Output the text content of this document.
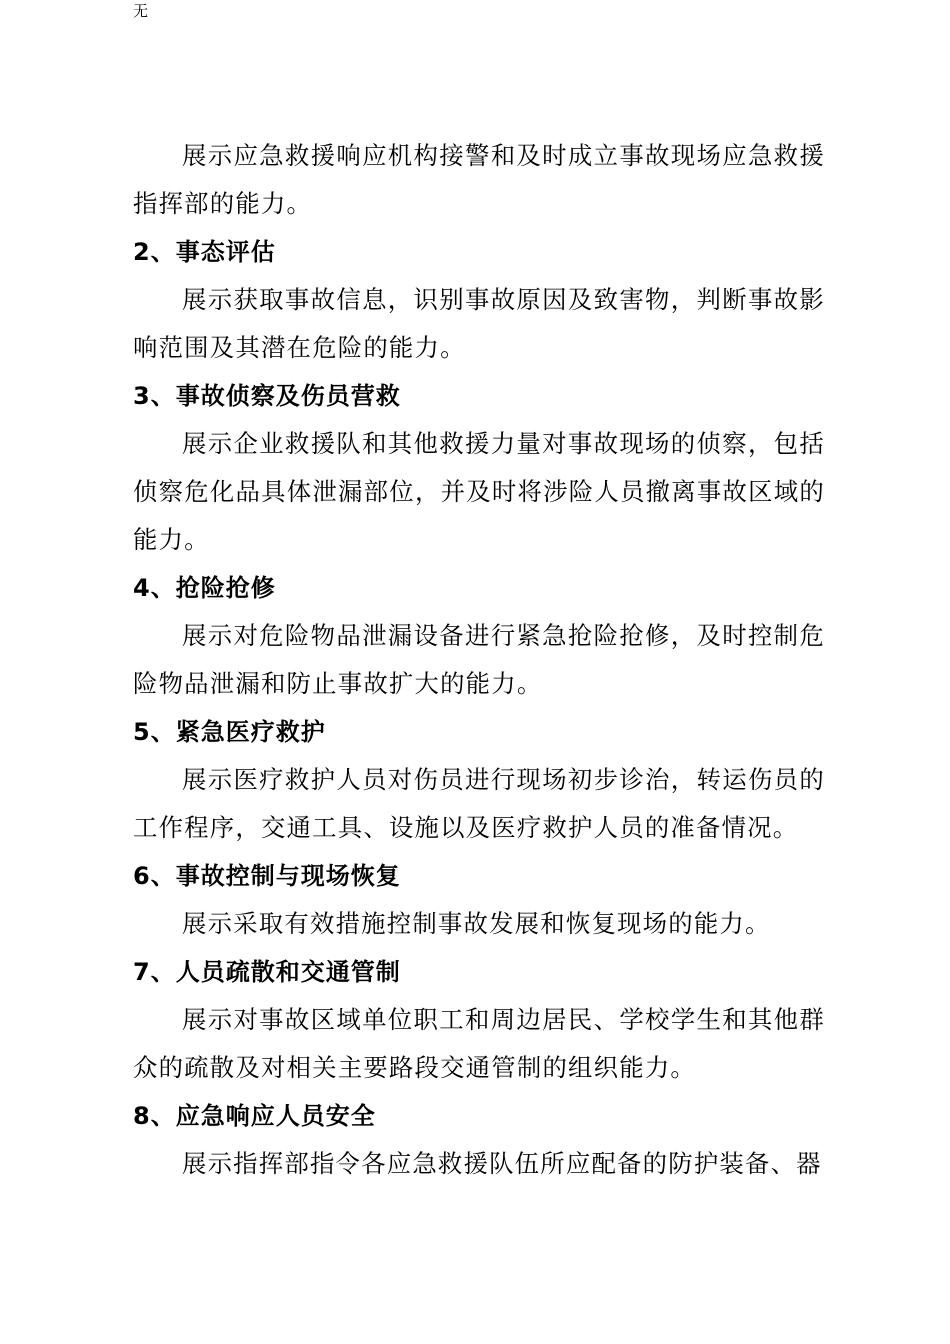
无

展示应急救援响应机构接警和及时成立事故现场应急救援指挥部的能力。

2、事态评估

展示获取事故信息，识别事故原因及致害物，判断事故影响范围及其潜在危险的能力。

3、事故侦察及伤员营救

展示企业救援队和其他救援力量对事故现场的侦察，包括侦察危化品具体泄漏部位，并及时将涉险人员撤离事故区域的能力。

4、抢险抢修

展示对危险物品泄漏设备进行紧急抢险抢修，及时控制危险物品泄漏和防止事故扩大的能力。

5、紧急医疗救护

展示医疗救护人员对伤员进行现场初步诊治，转运伤员的工作程序，交通工具、设施以及医疗救护人员的准备情况。

6、事故控制与现场恢复

展示采取有效措施控制事故发展和恢复现场的能力。

7、人员疏散和交通管制

展示对事故区域单位职工和周边居民、学校学生和其他群众的疏散及对相关主要路段交通管制的组织能力。

8、应急响应人员安全

展示指挥部指令各应急救援队伍所应配备的防护装备、器
